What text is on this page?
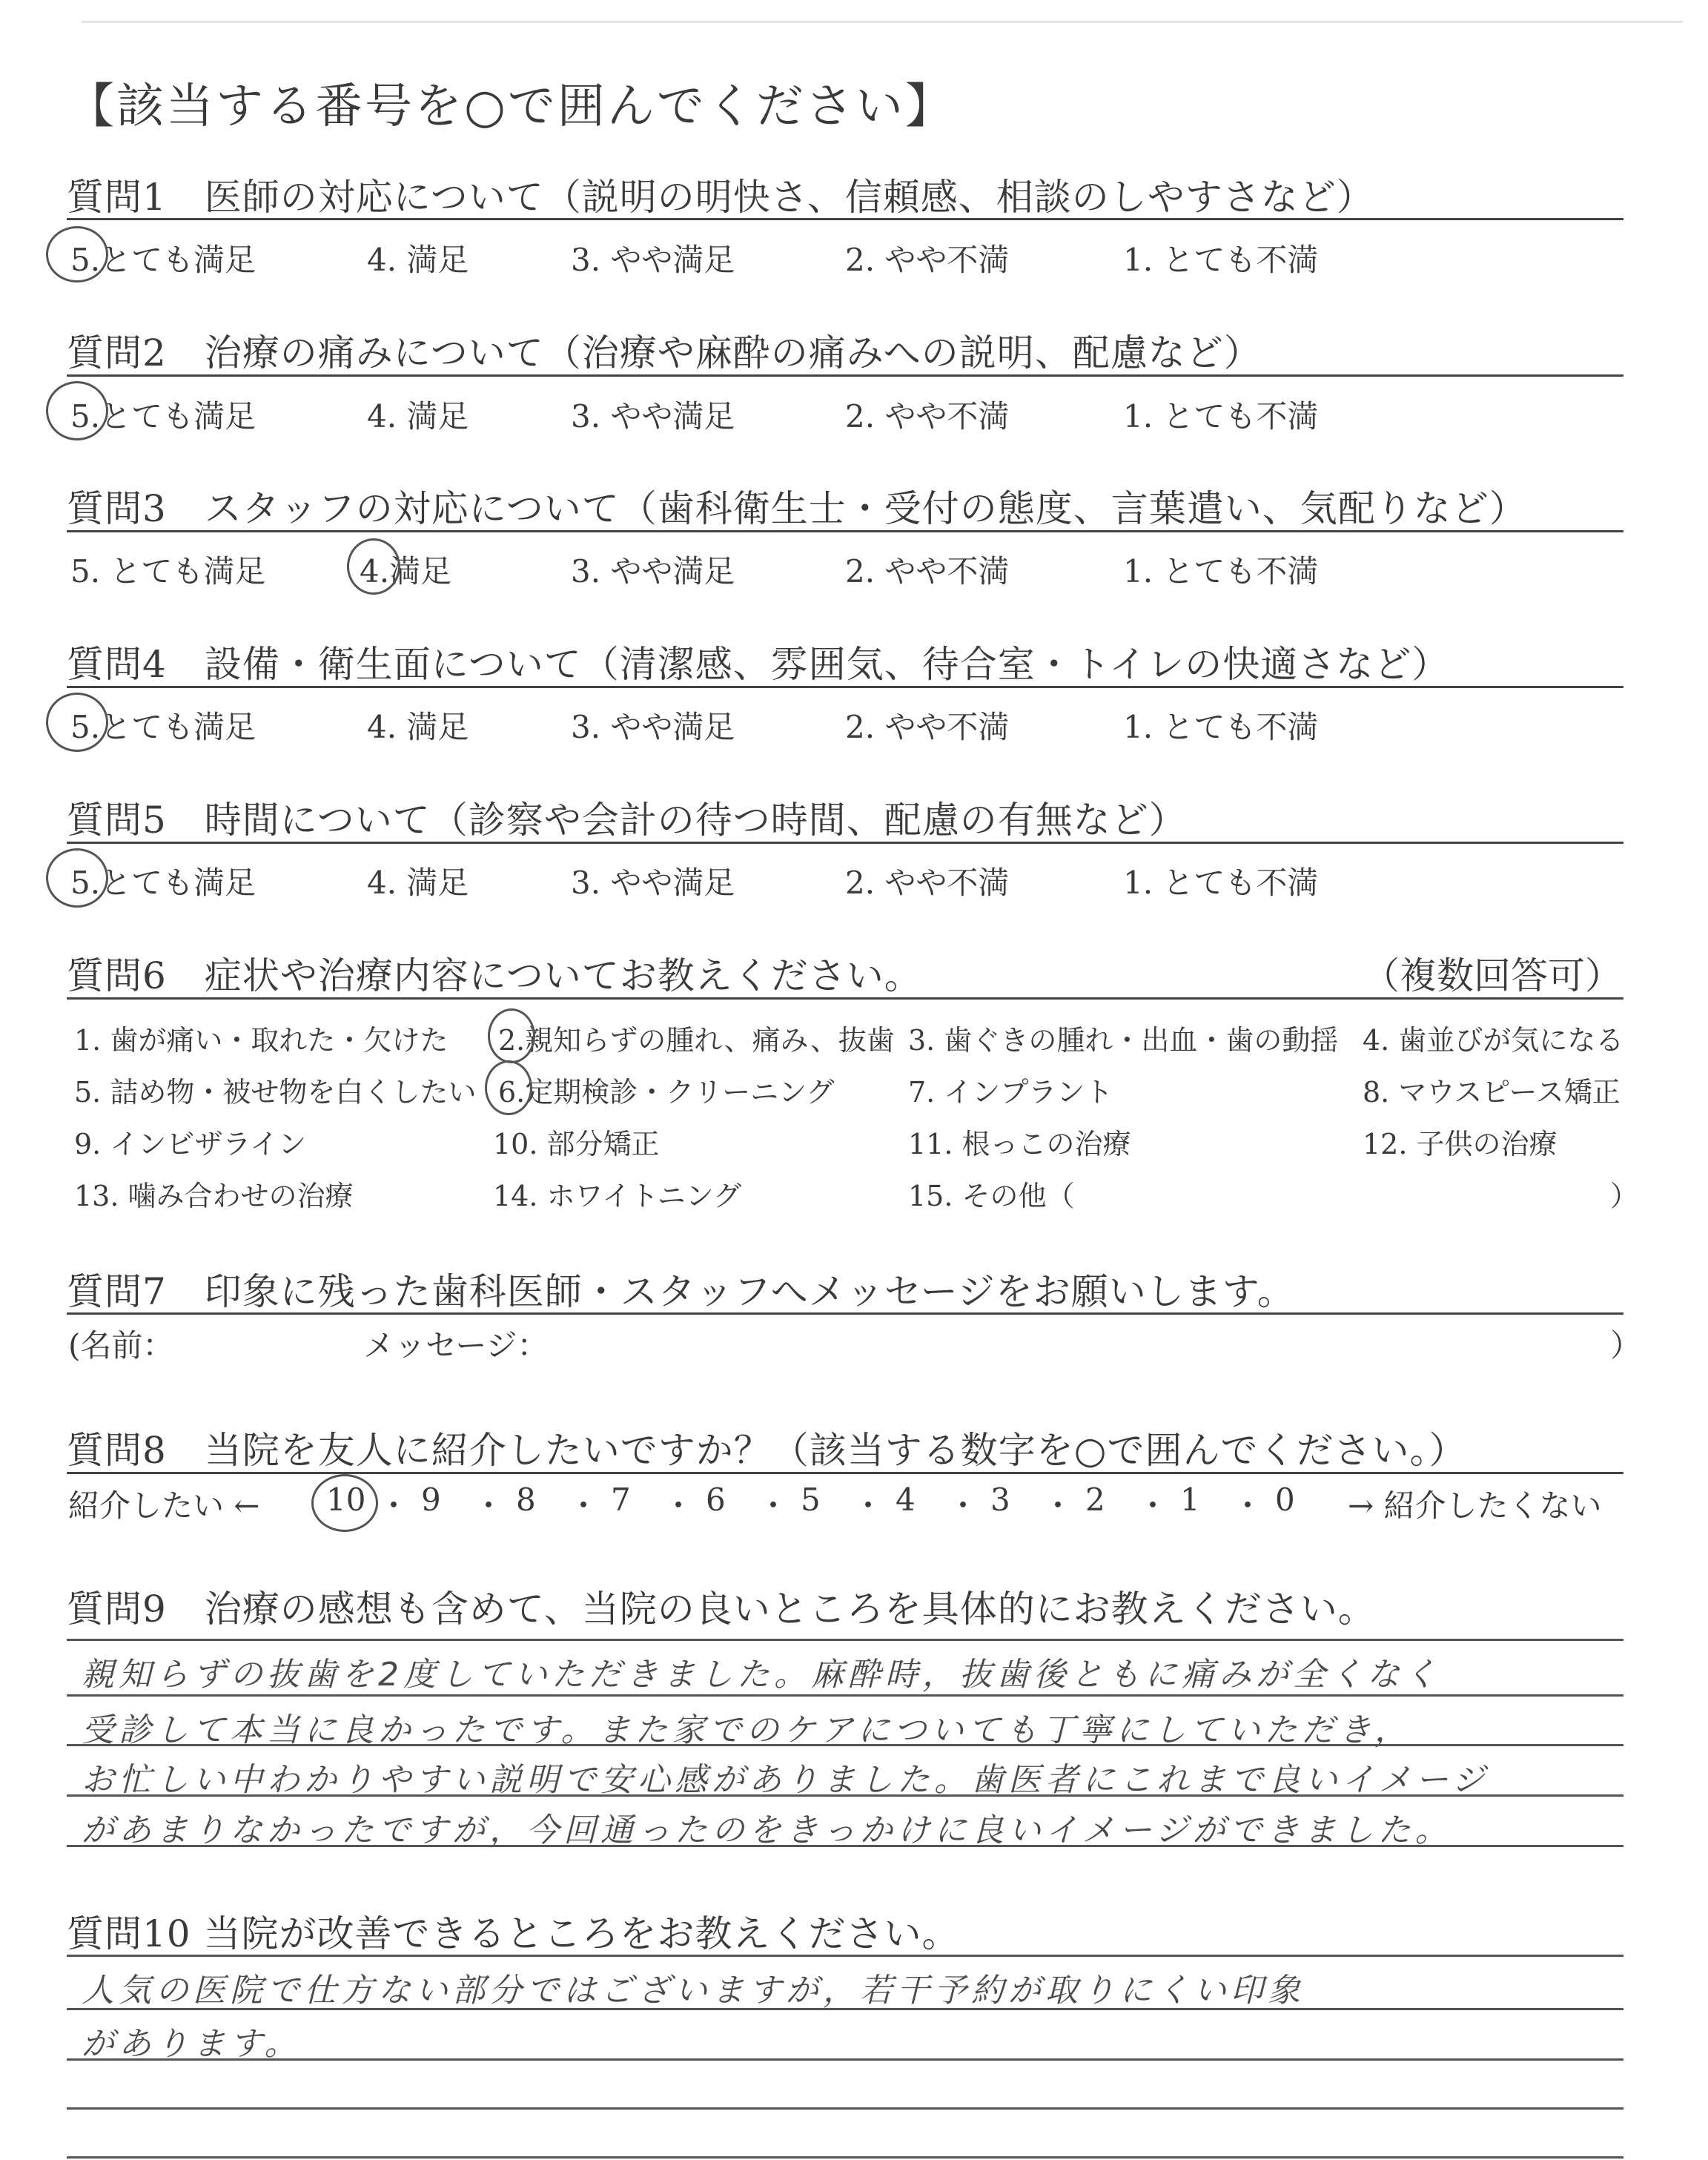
【該当する番号を○で囲んでください】
質問1　医師の対応について（説明の明快さ、信頼感、相談のしやすさなど）
5.とても満足	4. 満足	3. やや満足	2. やや不満	1. とても不満
質問2　治療の痛みについて（治療や麻酔の痛みへの説明、配慮など）
5.とても満足	4. 満足	3. やや満足	2. やや不満	1. とても不満
質問3　スタッフの対応について（歯科衛生士・受付の態度、言葉遣い、気配りなど）
5. とても満足	4.満足	3. やや満足	2. やや不満	1. とても不満
質問4　設備・衛生面について（清潔感、雰囲気、待合室・トイレの快適さなど）
5.とても満足	4. 満足	3. やや満足	2. やや不満	1. とても不満
質問5　時間について（診察や会計の待つ時間、配慮の有無など）
5.とても満足	4. 満足	3. やや満足	2. やや不満	1. とても不満
質問6　症状や治療内容についてお教えください。	（複数回答可）
1. 歯が痛い・取れた・欠けた 2.親知らずの腫れ、痛み、抜歯 3. 歯ぐきの腫れ・出血・歯の動揺 4. 歯並びが気になる
5. 詰め物・被せ物を白くしたい 6.定期検診・クリーニング	7. インプラント	8. マウスピース矯正
9. インビザライン	10. 部分矯正	11. 根っこの治療	12. 子供の治療
13. 噛み合わせの治療	14. ホワイトニング	15. その他（	）
質問7　印象に残った歯科医師・スタッフへメッセージをお願いします。
(名前：	メッセージ：	）
質問8　当院を友人に紹介したいですか？（該当する数字を○で囲んでください。）
紹介したい ← 10 ・ 9 ・ 8 ・ 7 ・ 6 ・ 5 ・ 4 ・ 3 ・ 2 ・ 1 ・ 0 → 紹介したくない
質問9　治療の感想も含めて、当院の良いところを具体的にお教えください。
親知らずの抜歯を2度していただきました。麻酔時，抜歯後ともに痛みが全くなく
受診して本当に良かったです。また家でのケアについても丁寧にしていただき，
お忙しい中わかりやすい説明で安心感がありました。歯医者にこれまで良いイメージ
があまりなかったですが，今回通ったのをきっかけに良いイメージができました。
質問10 当院が改善できるところをお教えください。
人気の医院で仕方ない部分ではございますが，若干予約が取りにくい印象
があります。
